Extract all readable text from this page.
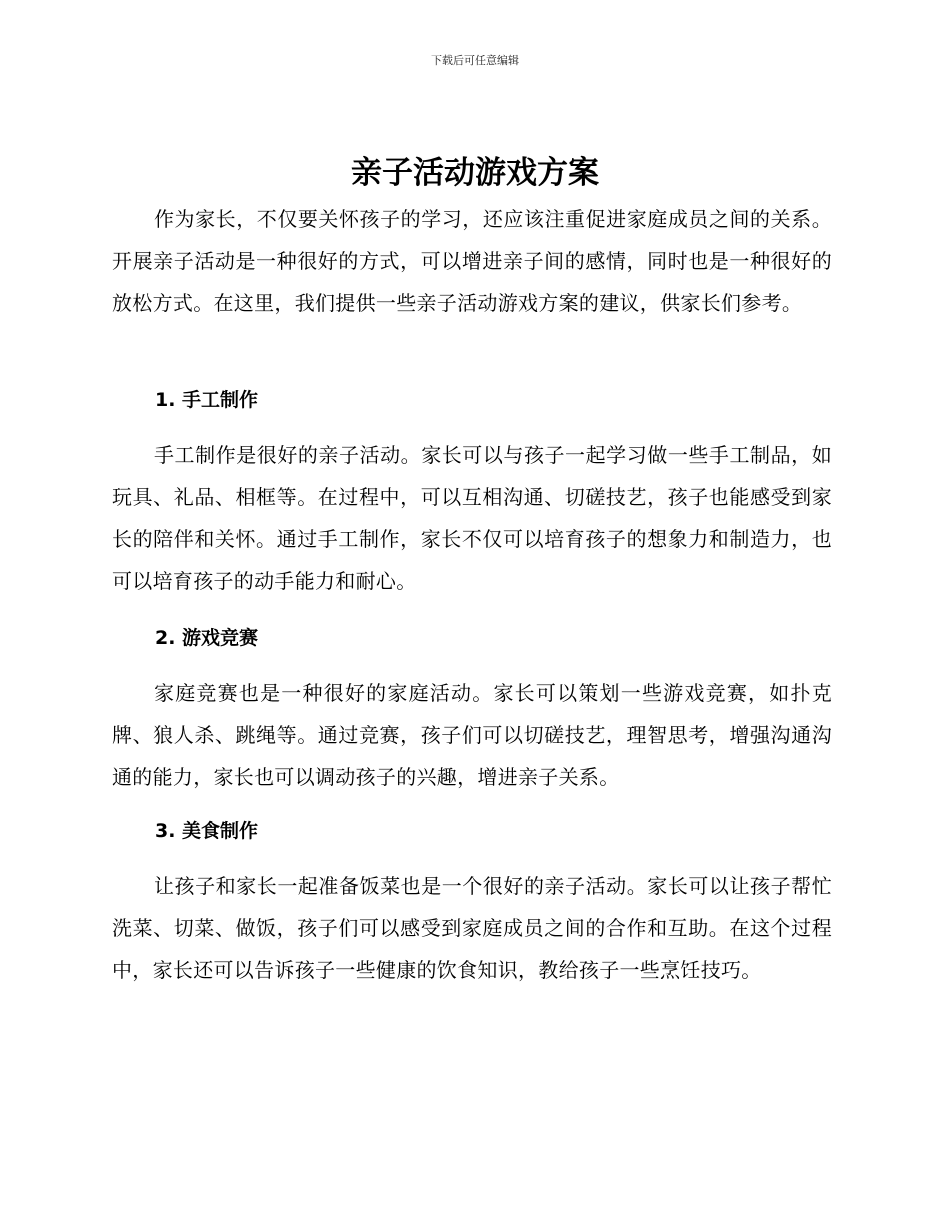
下载后可任意编辑
亲子活动游戏方案

作为家长，不仅要关怀孩子的学习，还应该注重促进家庭成员之间的关系。开展亲子活动是一种很好的方式，可以增进亲子间的感情，同时也是一种很好的放松方式。在这里，我们提供一些亲子活动游戏方案的建议，供家长们参考。

1. 手工制作

手工制作是很好的亲子活动。家长可以与孩子一起学习做一些手工制品，如玩具、礼品、相框等。在过程中，可以互相沟通、切磋技艺，孩子也能感受到家长的陪伴和关怀。通过手工制作，家长不仅可以培育孩子的想象力和制造力，也可以培育孩子的动手能力和耐心。

2. 游戏竞赛

家庭竞赛也是一种很好的家庭活动。家长可以策划一些游戏竞赛，如扑克牌、狼人杀、跳绳等。通过竞赛，孩子们可以切磋技艺，理智思考，增强沟通沟通的能力，家长也可以调动孩子的兴趣，增进亲子关系。

3. 美食制作

让孩子和家长一起准备饭菜也是一个很好的亲子活动。家长可以让孩子帮忙洗菜、切菜、做饭，孩子们可以感受到家庭成员之间的合作和互助。在这个过程中，家长还可以告诉孩子一些健康的饮食知识，教给孩子一些烹饪技巧。
